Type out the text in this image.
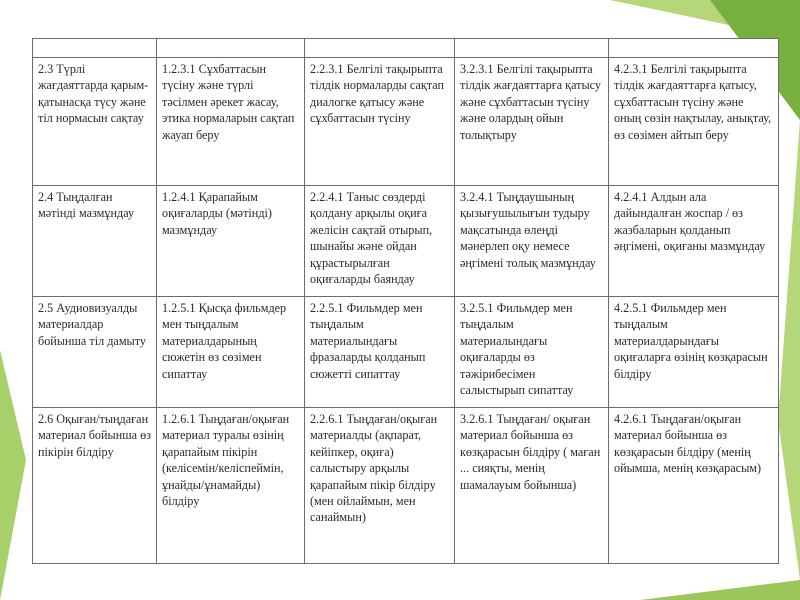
2.3 Түрлі жағдаяттарда қарым-қатынасқа түсу және тіл нормасын сақтау	1.2.3.1 Сұхбаттасын түсіну және түрлі тәсілмен әрекет жасау, этика нормаларын сақтап жауап беру	2.2.3.1 Белгілі тақырыпта тілдік нормаларды сақтап диалогке қатысу және сұхбаттасын түсіну	3.2.3.1 Белгілі тақырыпта тілдік жағдаяттарға қатысу және сұхбаттасын түсіну және олардың ойын толықтыру	4.2.3.1 Белгілі тақырыпта тілдік жағдаяттарға қатысу, сұхбаттасын түсіну және оның сөзін нақтылау, анықтау, өз сөзімен айтып беру
2.4 Тыңдалған мәтінді мазмұндау	1.2.4.1 Қарапайым оқиғаларды (мәтінді) мазмұндау	2.2.4.1 Таныс сөздерді қолдану арқылы оқиға желісін сақтай отырып, шынайы және ойдан құрастырылған оқиғаларды баяндау	3.2.4.1 Тыңдаушының қызығушылығын тудыру мақсатында өлеңді мәнерлеп оқу немесе әңгімені толық мазмұндау	4.2.4.1 Алдын ала дайындалған жоспар / өз жазбаларын қолданып әңгімені, оқиғаны мазмұндау
2.5 Аудиовизуалды материалдар бойынша тіл дамыту	1.2.5.1 Қысқа фильмдер мен тыңдалым материалдарының сюжетін өз сөзімен сипаттау	2.2.5.1 Фильмдер мен тыңдалым материалындағы фразаларды қолданып сюжетті сипаттау	3.2.5.1 Фильмдер мен тыңдалым материалындағы оқиғаларды өз тәжірибесімен салыстырып сипаттау	4.2.5.1 Фильмдер мен тыңдалым материалдарындағы оқиғаларға өзінің көзқарасын білдіру
2.6 Оқыған/тыңдаған материал бойынша өз пікірін білдіру	1.2.6.1 Тыңдаған/оқыған материал туралы өзінің қарапайым пікірін (келісемін/келіспеймін, ұнайды/ұнамайды) білдіру	2.2.6.1 Тыңдаған/оқыған материалды (ақпарат, кейіпкер, оқиға) салыстыру арқылы қарапайым пікір білдіру (мен ойлаймын, мен санаймын)	3.2.6.1 Тыңдаған/ оқыған материал бойынша өз көзқарасын білдіру ( маған ... сияқты, менің шамалауым бойынша)	4.2.6.1 Тыңдаған/оқыған материал бойынша өз көзқарасын білдіру (менің ойымша, менің көзқарасым)
